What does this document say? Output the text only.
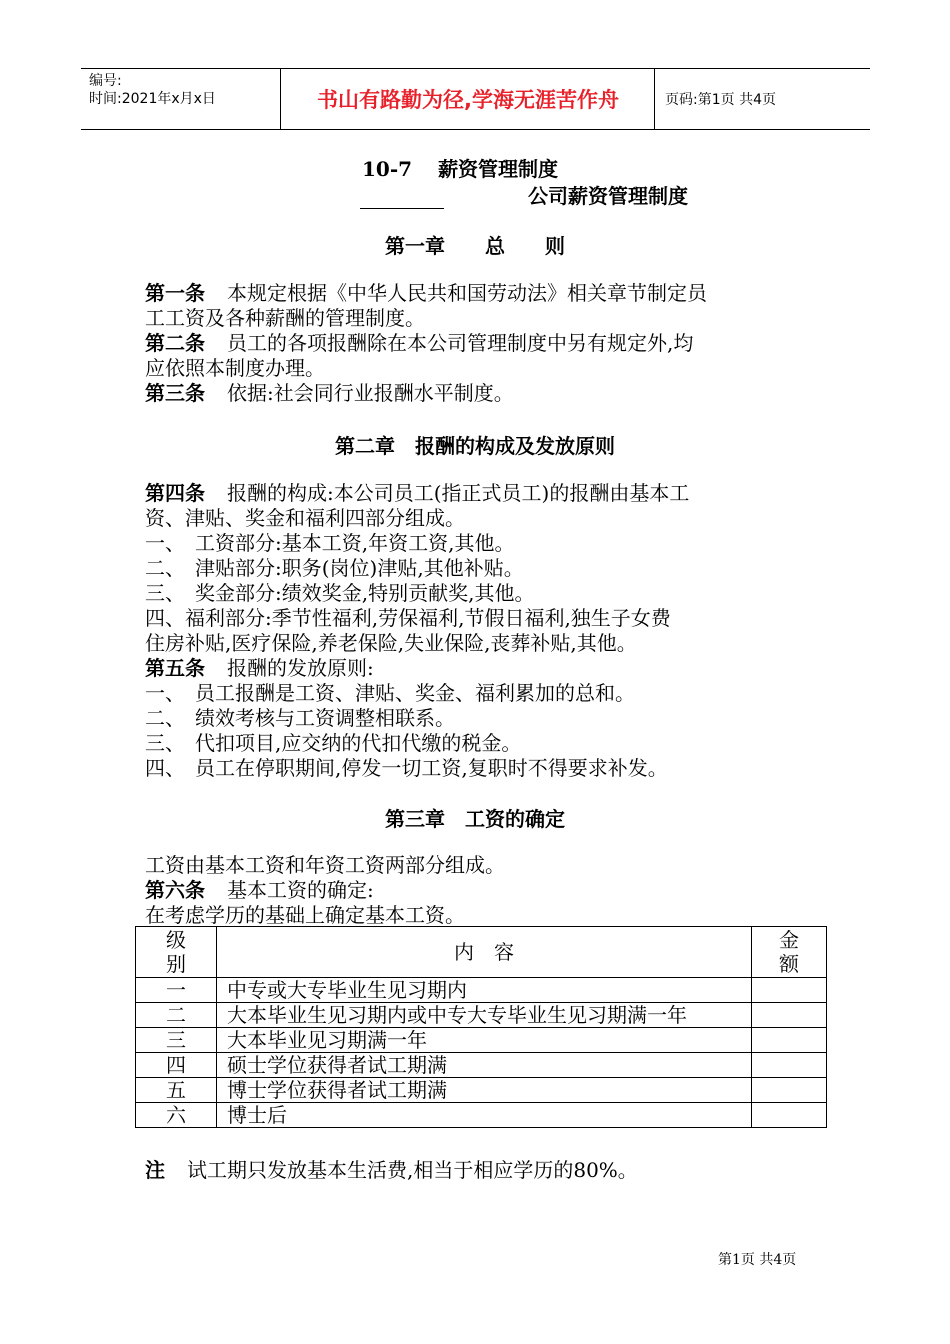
编号:
时间:2021年x月x日	书山有路勤为径,学海无涯苦作舟	页码:第1页 共4页
10-7 薪资管理制度
公司薪资管理制度
第一章　　总　　则
第一条 本规定根据《中华人民共和国劳动法》相关章节制定员
工工资及各种薪酬的管理制度。
第二条 员工的各项报酬除在本公司管理制度中另有规定外,均
应依照本制度办理。
第三条 依据:社会同行业报酬水平制度。
第二章　报酬的构成及发放原则
第四条 报酬的构成:本公司员工(指正式员工)的报酬由基本工
资、津贴、奖金和福利四部分组成。
一、　工资部分:基本工资,年资工资,其他。
二、　津贴部分:职务(岗位)津贴,其他补贴。
三、　奖金部分:绩效奖金,特别贡献奖,其他。
四、福利部分:季节性福利,劳保福利,节假日福利,独生子女费
住房补贴,医疗保险,养老保险,失业保险,丧葬补贴,其他。
第五条 报酬的发放原则:
一、　员工报酬是工资、津贴、奖金、福利累加的总和。
二、　绩效考核与工资调整相联系。
三、　代扣项目,应交纳的代扣代缴的税金。
四、　员工在停职期间,停发一切工资,复职时不得要求补发。
第三章　工资的确定
工资由基本工资和年资工资两部分组成。
第六条 基本工资的确定:
在考虑学历的基础上确定基本工资。
级
别	内　容	金
额
一	中专或大专毕业生见习期内	
二	大本毕业生见习期内或中专大专毕业生见习期满一年	
三	大本毕业见习期满一年	
四	硕士学位获得者试工期满	
五	博士学位获得者试工期满	
六	博士后	
注 试工期只发放基本生活费,相当于相应学历的80%。
第1页 共4页
